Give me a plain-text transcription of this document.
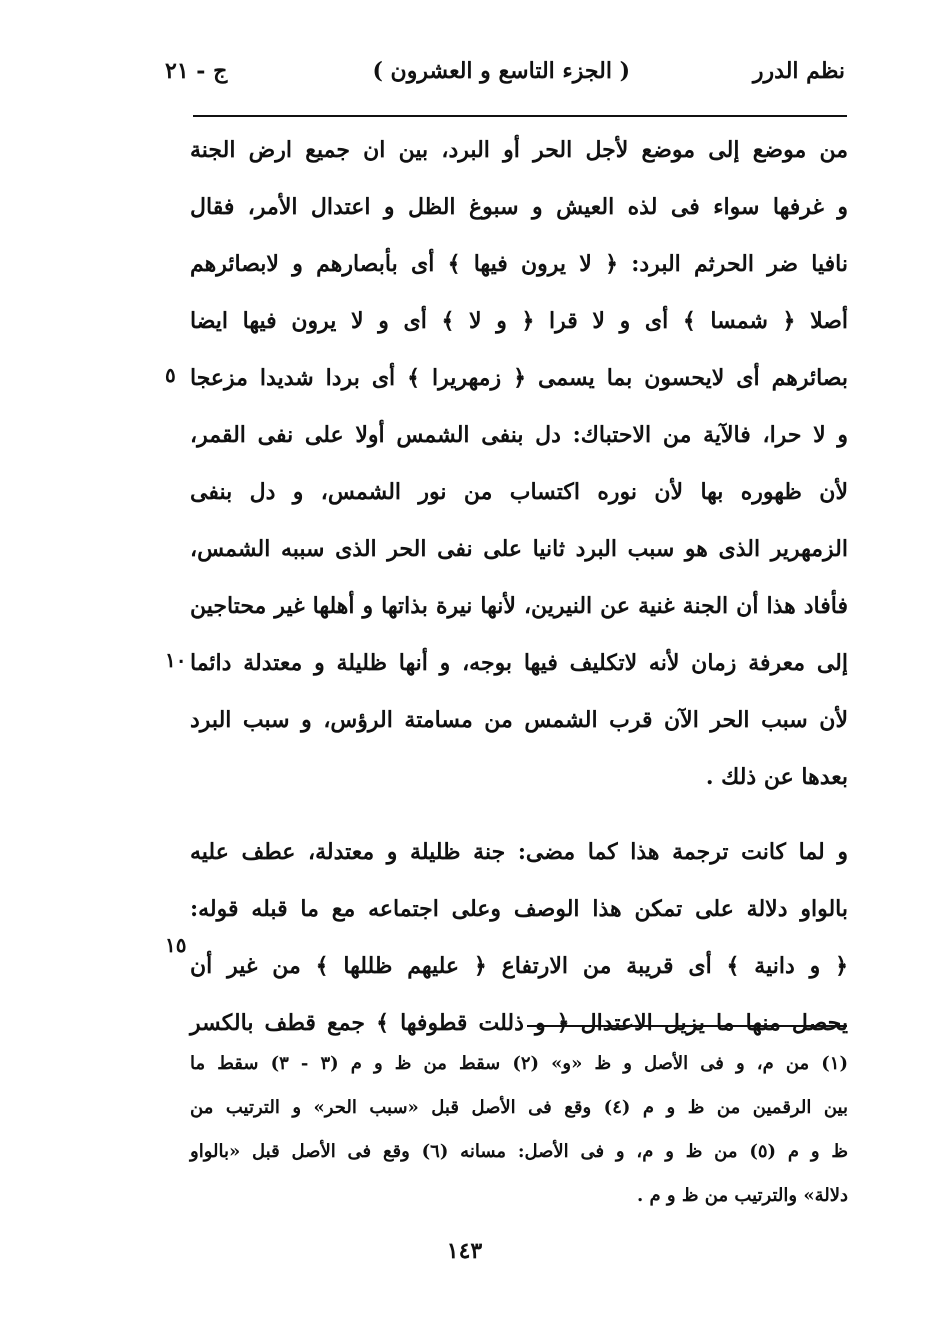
نظم الدرر
( الجزء التاسع و العشرون )
ج - ٢١
من موضع إلى موضع لأجل الحر أو البرد، بين ان جميع ارض الجنة
و غرفها سواء فى لذه العيش و سبوغ الظل و اعتدال الأمر، فقال
نافيا ضر الحرثم البرد: ﴿ لا يرون فيها ﴾ أى بأبصارهم و لابصائرهم
أصلا ﴿ شمسا ﴾ أى و لا قرا ﴿ و لا ﴾ أى و لا يرون فيها ايضا
بصائرهم أى لايحسون بما يسمى ﴿ زمهريرا ﴾ أى بردا شديدا مزعجا
و لا حرا، فالآية من الاحتباك: دل بنفى الشمس أولا على نفى القمر،
لأن ظهوره بها لأن نوره اكتساب من نور الشمس، و دل بنفى
الزمهرير الذى هو سبب البرد ثانيا على نفى الحر الذى سببه الشمس،
فأفاد هذا أن الجنة غنية عن النيرين، لأنها نيرة بذاتها و أهلها غير محتاجين
إلى معرفة زمان لأنه لاتكليف فيها بوجه، و أنها ظليلة و معتدلة دائما
لأن سبب الحر الآن قرب الشمس من مسامتة الرؤس، و سبب البرد
بعدها عن ذلك .
و لما كانت ترجمة هذا كما مضى: جنة ظليلة و معتدلة، عطف عليه
بالواو دلالة على تمكن هذا الوصف وعلى اجتماعه مع ما قبله قوله:
﴿ و دانية ﴾ أى قريبة من الارتفاع ﴿ عليهم ظللها ﴾ من غير أن
يحصل منها ما يزيل الاعتدال ﴿ و ذللت قطوفها ﴾ جمع قطف بالكسر
٥
١٠
١٥
(١) من م، و فى الأصل و ظ «و» (٢) سقط من ظ و م (٣ - ٣) سقط ما
بين الرقمين من ظ و م (٤) وقع فى الأصل قبل «سبب الحر» و الترتيب من
ظ و م (٥) من ظ و م، و فى الأصل: مسانه (٦) وقع فى الأصل قبل «بالواو
دلالة» والترتيب من ظ و م .
١٤٣
